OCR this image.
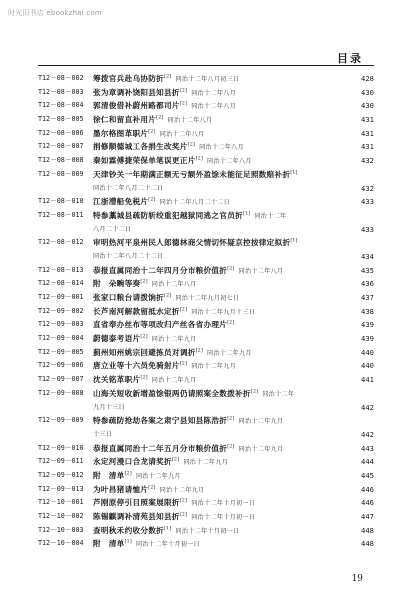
时光旧书店 ebookzhai.com
目录
T12－08－002 筹拨官兵赴乌协防折[2] 同治十二年八月初三日	428
T12－08－003 张为章调补饶阳县知县折[2] 同治十二年八月	430
T12－08－004 郭清俊借补蔚州路都司片[2] 同治十二年八月	430
T12－08－005 徐仁和留直补用片[2] 同治十二年八月	431
T12－08－006 墨尔格图革职片[2] 同治十二年八月	431
T12－08－007 捐修顺德城工各捐生改奖片[2] 同治十二年八月	431
T12－08－008 秦如霖傅捷荣保单笔误更正片[2] 同治十二年八月	432
T12－08－009 天津钞关一年期满正额无亏额外盈馀未能征足照数赔补折[1]
同治十二年八月二十二日	432
T12－08－010 江浙漕船免税片[2] 同治十二年八月二十二日	433
T12－08－011 特参藁城县疏防斩绞重犯越狱同逃之官员折[1] 同治十二年
八月二十二日	433
T12－08－012 审明热河平泉州民人郎德林商父情切怀疑京控按律定拟折[1]
同治十二年八月二十二日	434
T12－08－013 恭报直属同治十二年四月分市粮价值折[2] 同治十二年八月	435
T12－08－014 附　朵畹等奏[2] 同治十二年八月	436
T12－09－001 张家口粮台请拨饷折[2] 同治十二年九月初七日	437
T12－09－002 长芦南河解款留抵水定折[2] 同治十二年九月十三日	438
T12－09－003 直省奉办丝布等项改归产丝各省办理片[2]	439
T12－09－004 蔚德泰考语片[2] 同治十二年九月	439
T12－09－005 蓟州知州姚宗回避拣员对调折[2] 同治十二年九月	440
T12－09－006 唐立业等十六员免骑射片[2] 同治十二年九月	440
T12－09－007 沈关铭革职片[2] 同治十二年九月	441
T12－09－008 山海关短收新增盈馀银两仍请照案全数拨补折[2] 同治十二年
九月十三日	442
T12－09－009 特参疏防抢劫各案之肃宁县知县陈浩折[2] 同治十二年九月
十三日	442
T12－09－010 恭报直属同治十二年五月分市粮价值折[2] 同治十二年九月	443
T12－09－011 永定河漫口合龙请奖折[2] 同治十二年九月	444
T12－09－012 附　清单[2] 同治十二年九月	445
T12－09－013 为叶昌猪请恤片[2] 同治十二年九月	446
T12－10－001 芦刚原停引目照案展限折[2] 同治十二年十月初一日	446
T12－10－002 陈锡麒调补清苑县知县折[2] 同治十二年十月初一日	447
T12－10－003 查明秋禾约收分数折[1] 同治十二年十月初一日	448
T12－10－004 附　清单[1] 同治十二年十月初一日	448
19
